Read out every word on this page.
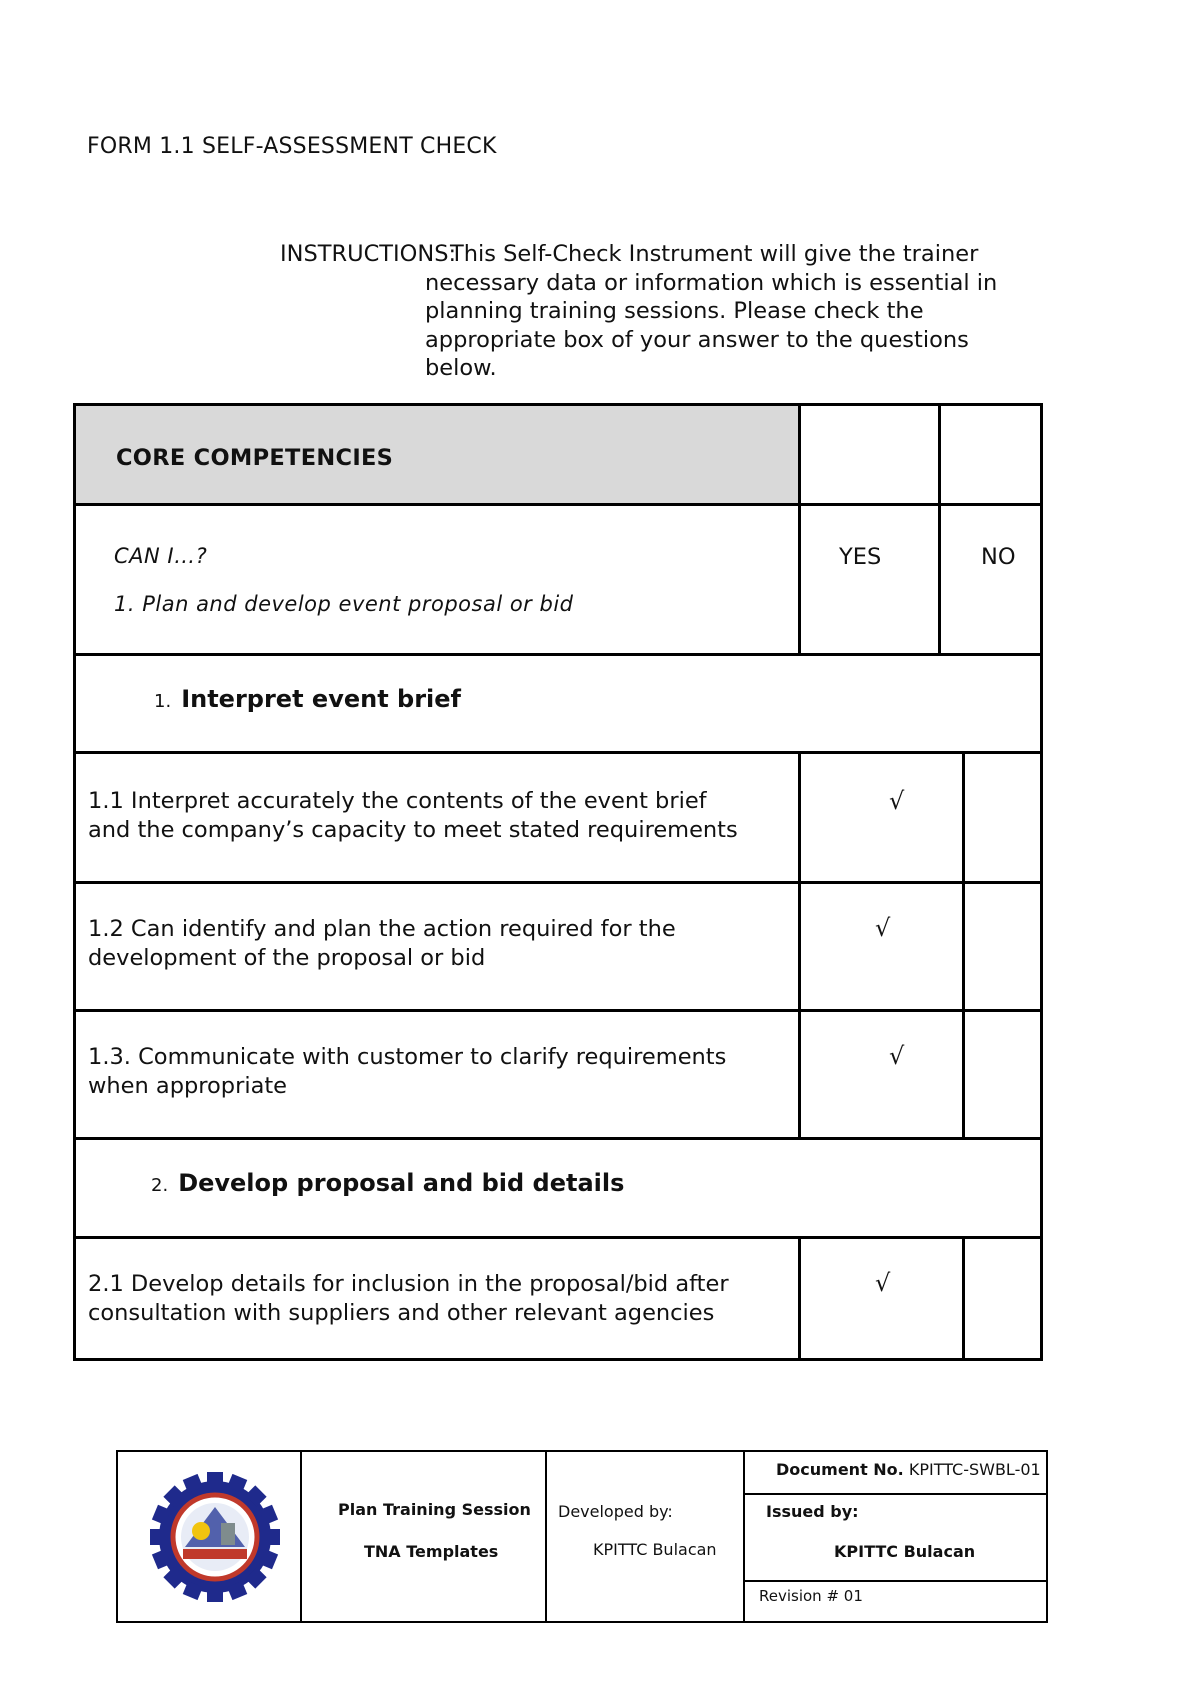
FORM 1.1 SELF-ASSESSMENT CHECK
INSTRUCTIONS:
This Self-Check Instrument will give the trainer
necessary data or information which is essential in
planning training sessions. Please check the
appropriate box of your answer to the questions
below.
CORE COMPETENCIES
CAN I…?
1. Plan and develop event proposal or bid
YES	NO
1. Interpret event brief
1.1 Interpret accurately the contents of the event brief
and the company’s capacity to meet stated requirements
√
1.2 Can identify and plan the action required for the
development of the proposal or bid
√
1.3. Communicate with customer to clarify requirements
when appropriate
√
2. Develop proposal and bid details
2.1 Develop details for inclusion in the proposal/bid after
consultation with suppliers and other relevant agencies
√
Plan Training Session
TNA Templates
Developed by:
KPITTC Bulacan
Document No. KPITTC-SWBL-01
Issued by:
KPITTC Bulacan
Revision # 01
